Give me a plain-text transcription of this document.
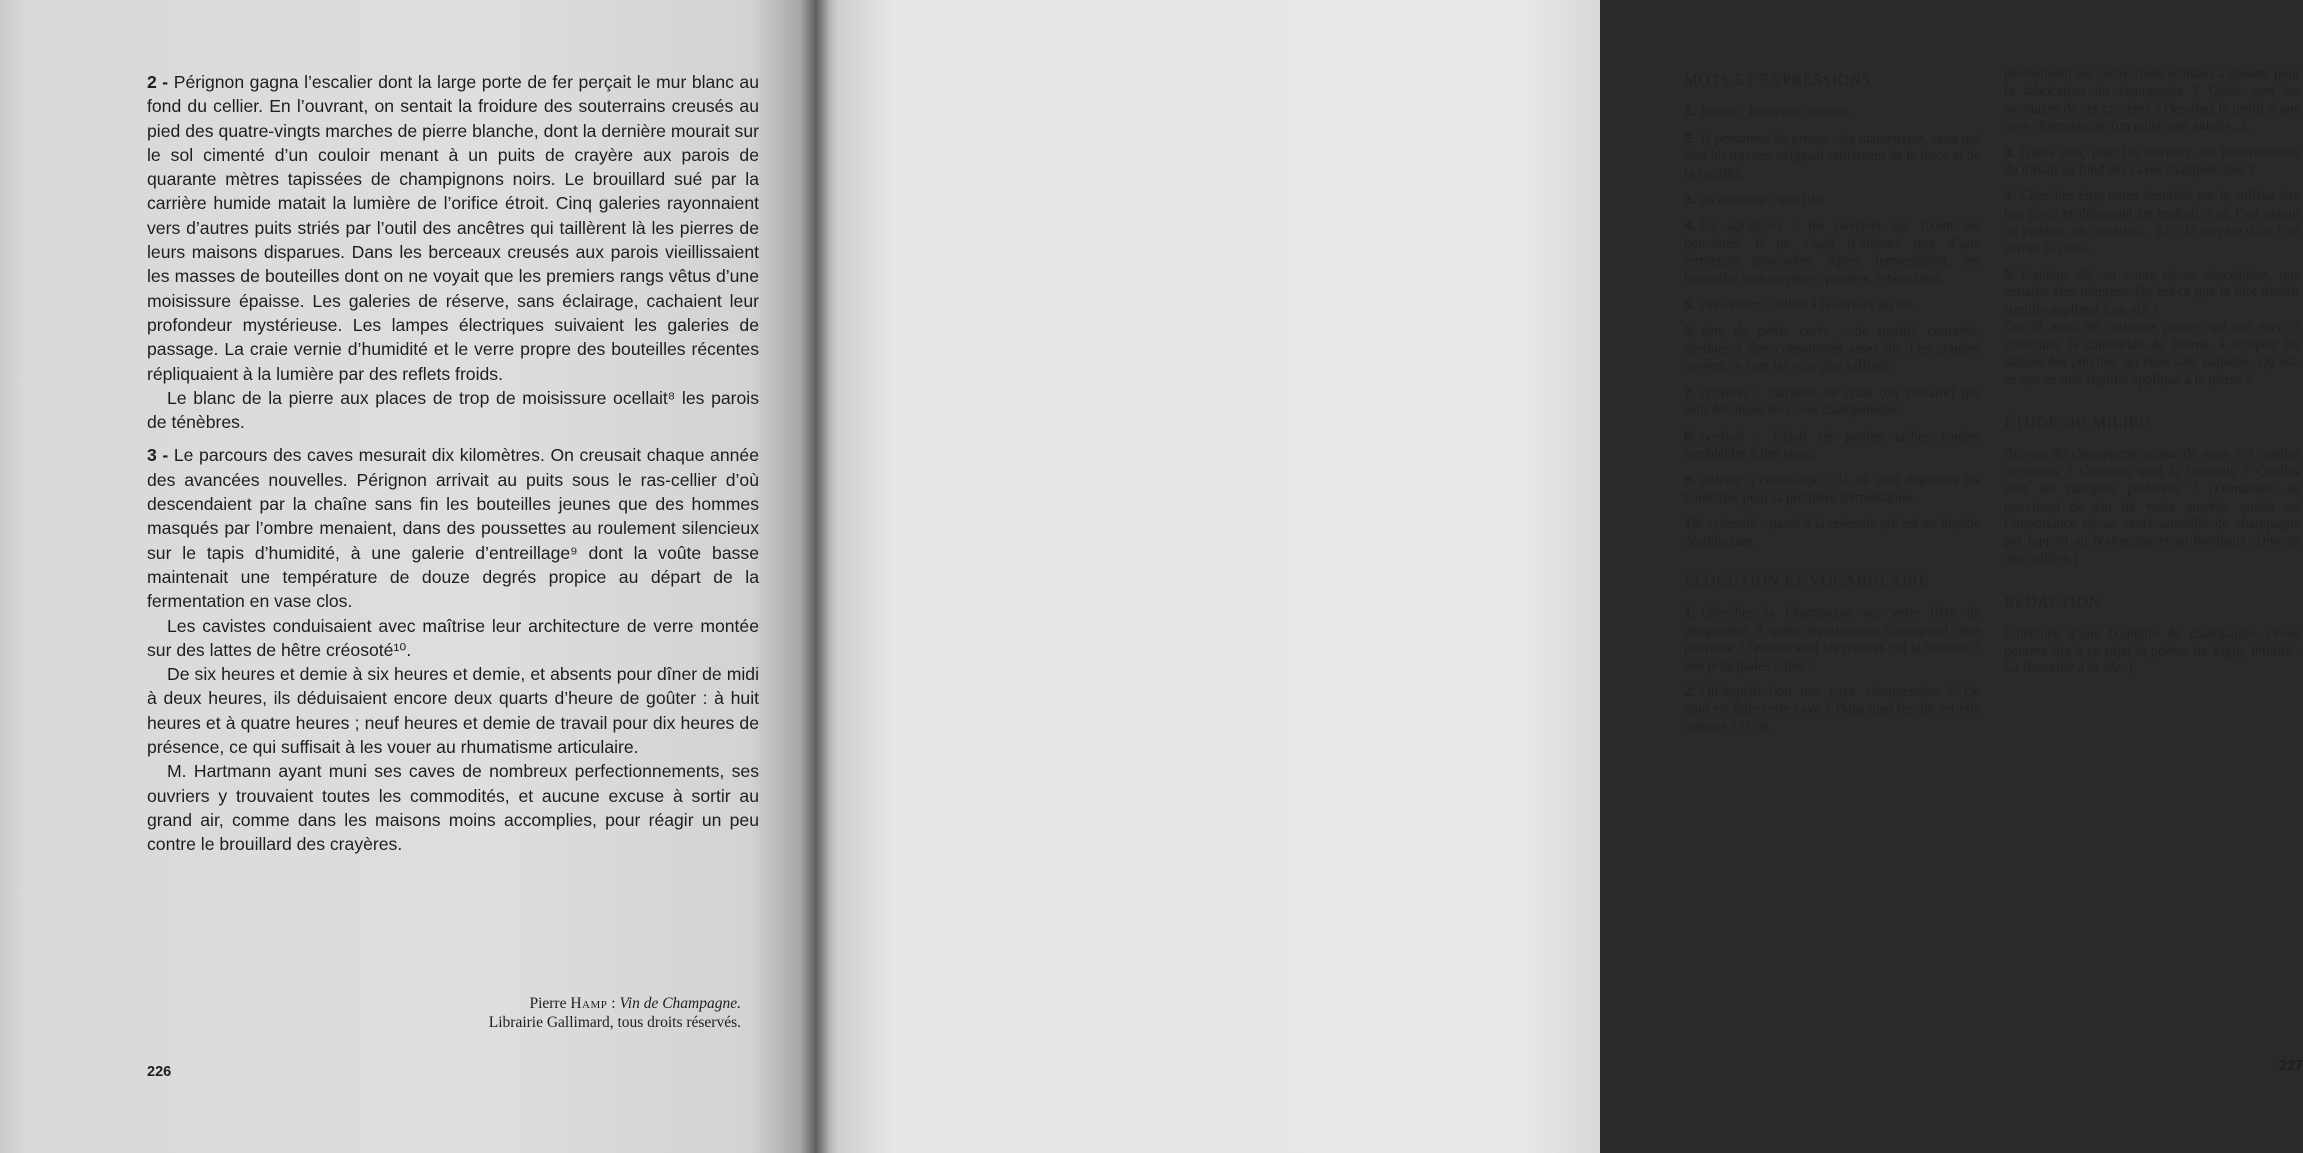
2 - Pérignon gagna l’escalier dont la large porte de fer perçait le mur blanc au fond du cellier. En l’ouvrant, on sentait la froidure des souterrains creusés au pied des quatre-vingts marches de pierre blanche, dont la dernière mourait sur le sol cimenté d’un couloir menant à un puits de crayère aux parois de quarante mètres tapissées de champignons noirs. Le brouillard sué par la carrière humide matait la lumière de l’orifice étroit. Cinq galeries rayonnaient vers d’autres puits striés par l’outil des ancêtres qui taillèrent là les pierres de leurs maisons disparues. Dans les berceaux creusés aux parois vieillissaient les masses de bouteilles dont on ne voyait que les premiers rangs vêtus d’une moisissure épaisse. Les galeries de réserve, sans éclairage, cachaient leur profondeur mystérieuse. Les lampes électriques suivaient les galeries de passage. La craie vernie d’humidité et le verre propre des bouteilles récentes répliquaient à la lumière par des reflets froids.

Le blanc de la pierre aux places de trop de moisissure ocellait⁸ les parois de ténèbres.

3 - Le parcours des caves mesurait dix kilomètres. On creusait chaque année des avancées nouvelles. Pérignon arrivait au puits sous le ras-cellier d’où descendaient par la chaîne sans fin les bouteilles jeunes que des hommes masqués par l’ombre menaient, dans des poussettes au roulement silencieux sur le tapis d’humidité, à une galerie d’entreillage⁹ dont la voûte basse maintenait une température de douze degrés propice au départ de la fermentation en vase clos.

Les cavistes conduisaient avec maîtrise leur architecture de verre montée sur des lattes de hêtre créosoté¹⁰.

De six heures et demie à six heures et demie, et absents pour dîner de midi à deux heures, ils déduisaient encore deux quarts d’heure de goûter : à huit heures et à quatre heures ; neuf heures et demie de travail pour dix heures de présence, ce qui suffisait à les vouer au rhumatisme articulaire.

M. Hartmann ayant muni ses caves de nombreux perfectionnements, ses ouvriers y trouvaient toutes les commodités, et aucune excuse à sortir au grand air, comme dans les maisons moins accomplies, pour réagir un peu contre le brouillard des crayères.

Pierre Hamp : Vin de Champagne.
Librairie Gallimard, tous droits réservés.
226
MOTS ET EXPRESSIONS

1. foudre : immense tonneau.

2. le personnel de presse : les manœuvres, ceux qui font les travaux exigeant seulement de la force et de la rapidité.

3. un monôme : une file.

4. les agrafeurs : les ouvriers qui fixent les bouchons. Il ne s’agit d’ailleurs que d’une fermeture provisoire. Après fermentation, les bouteilles sont ouvertes, purgées, rebouchées.

5. ras-cellier : cellier à la surface du sol.

6. vins de petite carte : de qualité courante, destinés à être consommés assez tôt. Les grandes cuvées, ce sont les vins plus raffinés.

7. crayères : carrières de craie (ou calcaire) qui sont devenues les caves champenoises.

8. ocellait : faisait de petites taches rondes semblables à des yeux.

9. galerie d’entreillage : là où sont déposées les bouteilles pour la première fermentation.

10. créosoté : passé à la créosote qui est un liquide désinfectant.

ÉLOCUTION ET VOCABULAIRE

1. Cherchez la Champagne sur votre livre de géographie. A quels départements correspond cette province ? Quelles sont les rivières qui la traverse ? Ses principales villes ?

2. Qu’appelle-t-on une cave champenoise ? De quoi est faite cette cave ? Dans quel terrain est-elle creusée ? D’où

proviennent les excavations utilisées à présent pour la fabrication du champagne ? Quels sont les avantages de ces crayères ? Dessinez le profil d’une cave champenoise (un puits, une galerie...).

3. Quels sont, pour les ouvriers, les inconvénients du travail au fond des caves champenoises ?

4. Cherchez cinq noms terminés par le suffixe ière (ou yère) et désignant un endroit d’où l’on extrait un produit, un matériau... Ex : la crayère d’où l’on extrait la craie...

5. L’auteur dit, au cours de sa description, que certains vins meurent. Qu’est-ce que le mot mourir signifie appliqué à un vin ?

On dit aussi de certaines pierres qui ont servi à construire la cathédrale de Reims, à sculpter les statues des porches, qu’elles sont malades. Qu’est-ce que ce mot signifie appliqué à la pierre ?

ÉTUDE DU MILIEU

Boit-on du champagne autour de vous ? A quelles occasions ? Combien vaut la bouteille ? Quelles sont les marques préférées ? (Demandez au marchand de vin de votre quartier quelle est l’importance de sa vente annuelle de champagne par rapport au bourgogne et au bordeaux. Donnez des chiffres.)

RÉDACTION

L’histoire d’une bouteille de champagne. (Vous pourrez lire à ce sujet le poème de Vigny intitulé : La Bouteille à la Mer.)

227
